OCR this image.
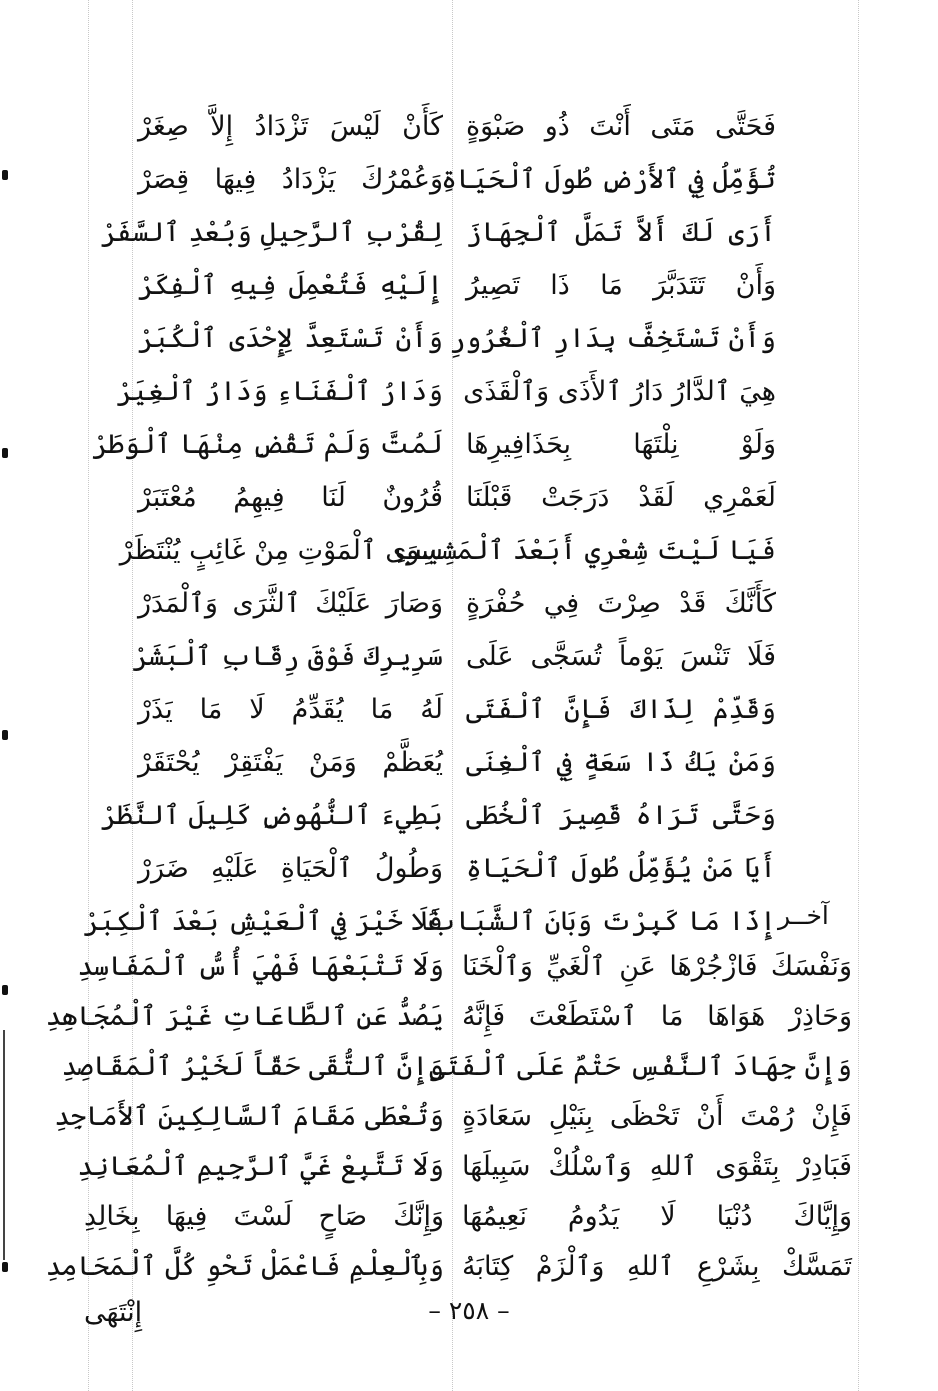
فَحَتَّى مَتَى أَنْتَ ذُو صَبْوَةٍ
كَأَنْ لَيْسَ تَزْدَادُ إِلاَّ صِغَرْ
تُؤَمِّلُ فِي ٱلأَرْضِ طُولَ ٱلْحَيَاةِ
وَعُمْرُكَ يَزْدَادُ فِيهَا قِصَرْ
أَرَى لَكَ أَلاَّ تَمَلَّ ٱلْجِهَازَ
لِقُرْبِ ٱلرَّحِيلِ وَبُعْدِ ٱلسَّفَرْ
وَأَنْ تَتَدَبَّرَ مَا ذَا تَصِيرُ
إِلَيْهِ فَتُعْمِلَ فِيهِ ٱلْفِكَرْ
وَأَنْ تَسْتَخِفَّ بِدَارِ ٱلْغُرُورِ
وَأَنْ تَسْتَعِدَّ لِإِحْدَى ٱلْكُبَرْ
هِيَ ٱلدَّارُ دَارُ ٱلأَذَى وَٱلْقَذَى
وَدَارُ ٱلْفَنَاءِ وَدَارُ ٱلْغِيَرْ
وَلَوْ نِلْتَهَا بِحَذَافِيرِهَا
لَمُتَّ وَلَمْ تَقْضِ مِنْهَا ٱلْوَطَرْ
لَعَمْرِي لَقَدْ دَرَجَتْ قَبْلَنَا
قُرُونٌ لَنَا فِيهِمُ مُعْتَبَرْ
فَيَا لَيْتَ شِعْرِي أَبَعْدَ ٱلْمَشِيبِ
سِوَى ٱلْمَوْتِ مِنْ غَائِبٍ يُنْتَظَرْ
كَأَنَّكَ قَدْ صِرْتَ فِي حُفْرَةٍ
وَصَارَ عَلَيْكَ ٱلثَّرَى وَٱلْمَدَرْ
فَلَا تَنْسَ يَوْماً تُسَجَّى عَلَى
سَرِيرِكَ فَوْقَ رِقَابِ ٱلْبَشَرْ
وَقَدِّمْ لِذَاكَ فَإِنَّ ٱلْفَتَى
لَهُ مَا يُقَدِّمُ لَا مَا يَذَرْ
وَمَنْ يَكُ ذَا سَعَةٍ فِي ٱلْغِنَى
يُعَظَّمْ وَمَنْ يَفْتَقِرْ يُحْتَقَرْ
وَحَتَّى تَرَاهُ قَصِيرَ ٱلْخُطَى
بَطِيءَ ٱلنُّهُوضِ كَلِيلَ ٱلنَّظَرْ
أَيَا مَنْ يُؤَمِّلُ طُولَ ٱلْحَيَاةِ
وَطُولُ ٱلْحَيَاةِ عَلَيْهِ ضَرَرْ
إِذَا مَا كَبِرْتَ وَبَانَ ٱلشَّبَابُ
فَلَا خَيْرَ فِي ٱلْعَيْشِ بَعْدَ ٱلْكِبَرْ	آخــر
وَنَفْسَكَ فَازْجُرْهَا عَنِ ٱلْغَيِّ وَٱلْخَنَا
وَلَا تَتْبَعْهَا فَهْيَ أُسُّ ٱلْمَفَاسِدِ
وَحَاذِرْ هَوَاهَا مَا ٱسْتَطَعْتَ فَإِنَّهُ
يَصُدُّ عَنِ ٱلطَّاعَاتِ غَيْرَ ٱلْمُجَاهِدِ
وَإِنَّ جِهَادَ ٱلنَّفْسِ حَتْمٌ عَلَى ٱلْفَتَى
وَإِنَّ ٱلتُّقَى حَقّاً لَخَيْرُ ٱلْمَقَاصِدِ
فَإِنْ رُمْتَ أَنْ تَحْظَى بِنَيْلِ سَعَادَةٍ
وَتُعْطَى مَقَامَ ٱلسَّالِكِينَ ٱلأَمَاجِدِ
فَبَادِرْ بِتَقْوَى ٱللهِ وَٱسْلُكْ سَبِيلَهَا
وَلَا تَتَّبِعْ غَيَّ ٱلرَّجِيمِ ٱلْمُعَانِدِ
وَإِيَّاكَ دُنْيَا لَا يَدُومُ نَعِيمُهَا
وَإِنَّكَ صَاحٍ لَسْتَ فِيهَا بِخَالِدِ
تَمَسَّكْ بِشَرْعِ ٱللهِ وَٱلْزَمْ كِتَابَهُ
وَبِٱلْعِلْمِ فَاعْمَلْ تَحْوِ كُلَّ ٱلْمَحَامِدِ
– ٢٥٨ –
إِنْتَهَى
